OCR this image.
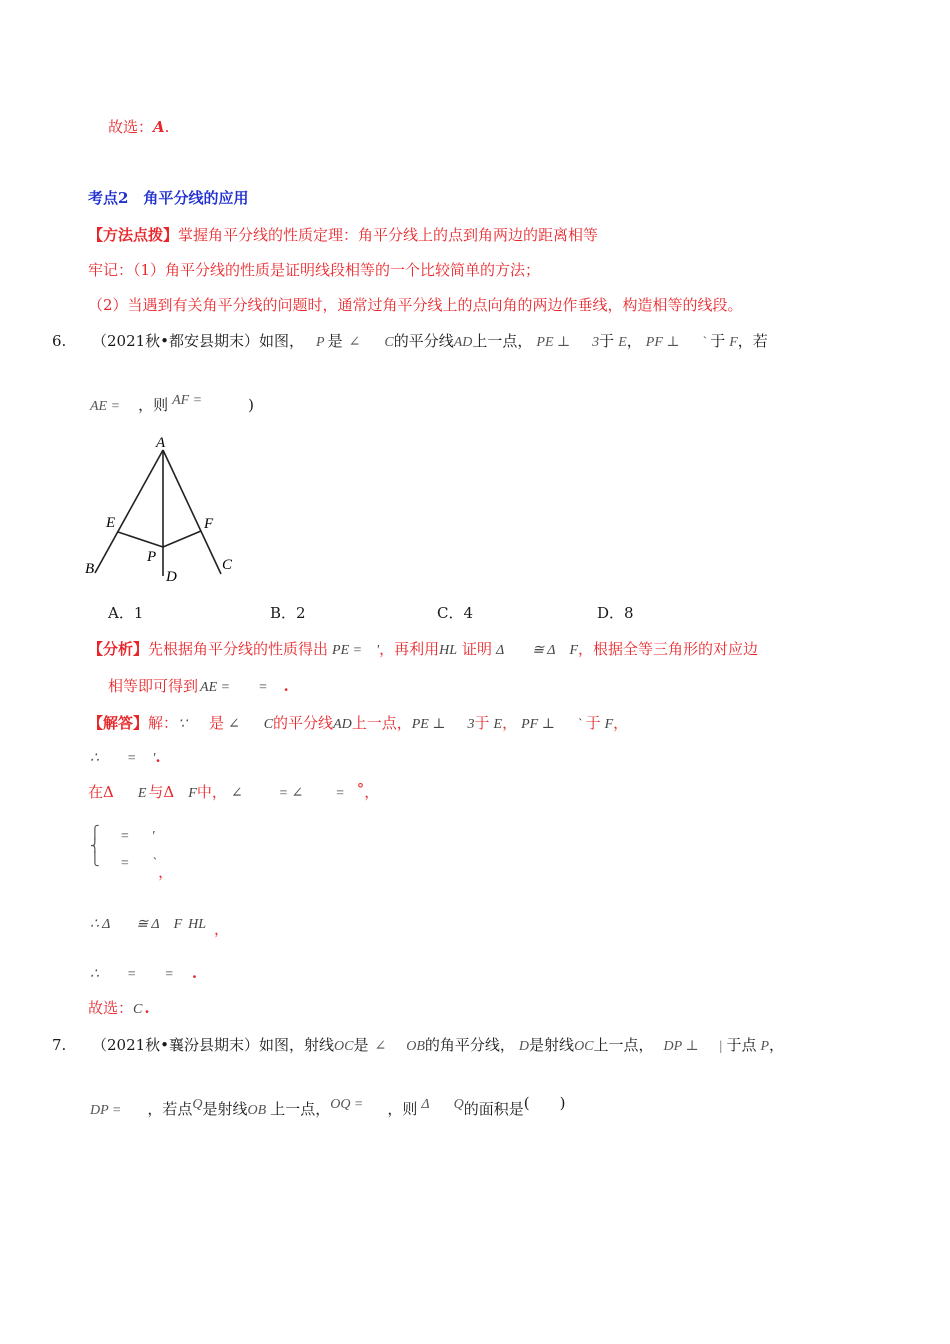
故选：A.
考点2　角平分线的应用
【方法点拨】掌握角平分线的性质定理：角平分线上的点到角两边的距离相等
牢记：（1）角平分线的性质是证明线段相等的一个比较简单的方法；
（2）当遇到有关角平分线的问题时，通常过角平分线上的点向角的两边作垂线，构造相等的线段。
6. （2021秋•都安县期末）如图， P 是 ∠ C的平分线AD上一点， PE ⊥ 3于 E， PF ⊥ ` 于 F，若
AE = ，则 AF =	)
A
E	F
P
D
B	C
A．1	B．2	C．4	D．8
【分析】先根据角平分线的性质得出 PE = '，再利用HL 证明 Δ ≅ Δ F，根据全等三角形的对应边
相等即可得到 AE = = .
【解答】解：∵ 是 ∠ C的平分线AD上一点，PE ⊥ 3于 E， PF ⊥ ` 于 F，
∴ = '.
在Δ E 与Δ F中， ∠	= ∠ = °，
⎧
⎨
⎩
= '
= ` ，
∴ Δ ≅ Δ F HL ，
∴ = = .
故选：C .
7. （2021秋•襄汾县期末）如图，射线OC是 ∠ OB的角平分线， D是射线OC上一点， DP ⊥ | 于点 P，
DP = ，若点Q是射线OB 上一点，OQ = ，则 Δ Q的面积是(　　)
